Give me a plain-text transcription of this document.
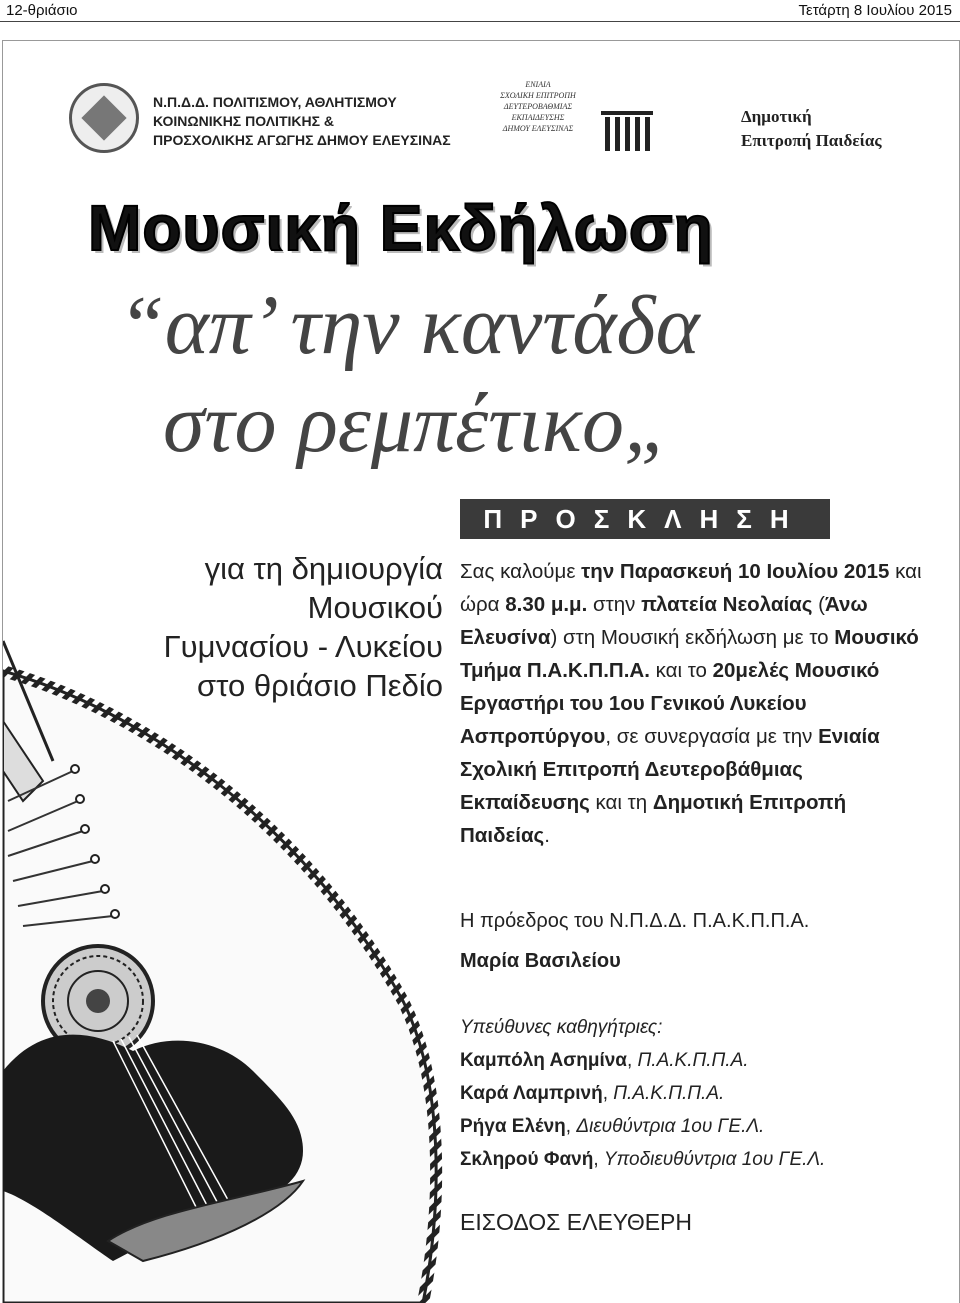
12-θριάσιο	Τετάρτη 8 Ιουλίου 2015
Ν.Π.Δ.Δ. ΠΟΛΙΤΙΣΜΟΥ, ΑΘΛΗΤΙΣΜΟΥ
ΚΟΙΝΩΝΙΚΗΣ ΠΟΛΙΤΙΚΗΣ &
ΠΡΟΣΧΟΛΙΚΗΣ ΑΓΩΓΗΣ ΔΗΜΟΥ ΕΛΕΥΣΙΝΑΣ
ΕΝΙΑΙΑ
ΣΧΟΛΙΚΗ ΕΠΙΤΡΟΠΗ
ΔΕΥΤΕΡΟΒΑΘΜΙΑΣ
ΕΚΠΑΙΔΕΥΣΗΣ
ΔΗΜΟΥ ΕΛΕΥΣΙΝΑΣ
Δημοτική
Επιτροπή Παιδείας
Μουσική Εκδήλωση
“απ’ την καντάδα
στο ρεμπέτικο„
ΠΡΟΣΚΛΗΣΗ
για τη δημιουργία
Μουσικού
Γυμνασίου - Λυκείου
στο θριάσιο Πεδίο
Σας καλούμε την Παρασκευή 10 Ιουλίου 2015 και ώρα 8.30 μ.μ. στην πλατεία Νεολαίας (Άνω Ελευσίνα) στη Μουσική εκδήλωση με το Μουσικό Τμήμα Π.Α.Κ.Π.Π.Α. και το 20μελές Μουσικό Εργαστήρι του 1ου Γενικού Λυκείου Ασπροπύργου, σε συνεργασία με την Ενιαία Σχολική Επιτροπή Δευτεροβάθμιας Εκπαίδευσης και τη Δημοτική Επιτροπή Παιδείας.
Η πρόεδρος του Ν.Π.Δ.Δ. Π.Α.Κ.Π.Π.Α.
Μαρία Βασιλείου
Υπεύθυνες καθηγήτριες:
Καμπόλη Ασημίνα, Π.Α.Κ.Π.Π.Α.
Καρά Λαμπρινή, Π.Α.Κ.Π.Π.Α.
Ρήγα Ελένη, Διευθύντρια 1ου ΓΕ.Λ.
Σκληρού Φανή, Υποδιευθύντρια 1ου ΓΕ.Λ.
ΕΙΣΟΔΟΣ ΕΛΕΥΘΕΡΗ
